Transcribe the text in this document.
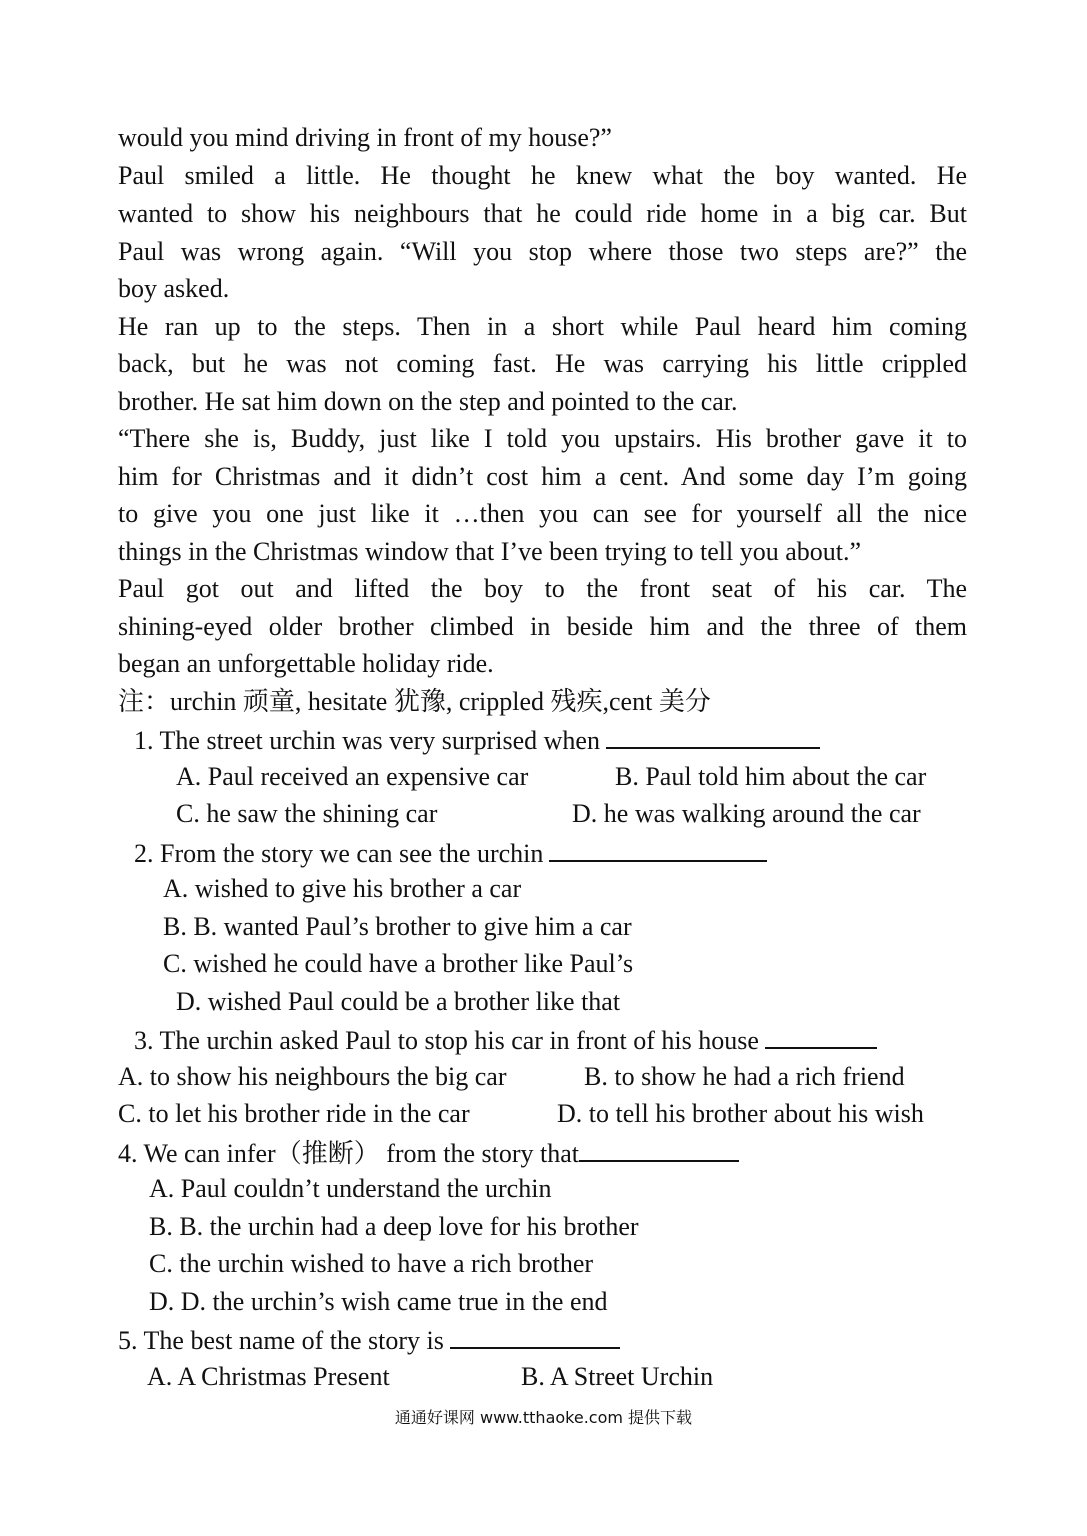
would you mind driving in front of my house?”
Paul smiled a little. He thought he knew what the boy wanted. He
wanted to show his neighbours that he could ride home in a big car. But
Paul was wrong again. “Will you stop where those two steps are?” the
boy asked.
He ran up to the steps. Then in a short while Paul heard him coming
back, but he was not coming fast. He was carrying his little crippled
brother. He sat him down on the step and pointed to the car.
“There she is, Buddy, just like I told you upstairs. His brother gave it to
him for Christmas and it didn’t cost him a cent. And some day I’m going
to give you one just like it …then you can see for yourself all the nice
things in the Christmas window that I’ve been trying to tell you about.”
Paul got out and lifted the boy to the front seat of his car. The
shining-eyed older brother climbed in beside him and the three of them
began an unforgettable holiday ride.
注：urchin 顽童, hesitate 犹豫, crippled 残疾,cent 美分
1. The street urchin was very surprised when
A. Paul received an expensive car	B. Paul told him about the car
C. he saw the shining car	D. he was walking around the car
2. From the story we can see the urchin
A. wished to give his brother a car
B. B. wanted Paul’s brother to give him a car
C. wished he could have a brother like Paul’s
D. wished Paul could be a brother like that
3. The urchin asked Paul to stop his car in front of his house
A. to show his neighbours the big car	B. to show he had a rich friend
C. to let his brother ride in the car	D. to tell his brother about his wish
4. We can infer（推断） from the story that
A. Paul couldn’t understand the urchin
B. B. the urchin had a deep love for his brother
C. the urchin wished to have a rich brother
D. D. the urchin’s wish came true in the end
5. The best name of the story is
A. A Christmas Present	B. A Street Urchin
通通好课网 www.tthaoke.com 提供下载
